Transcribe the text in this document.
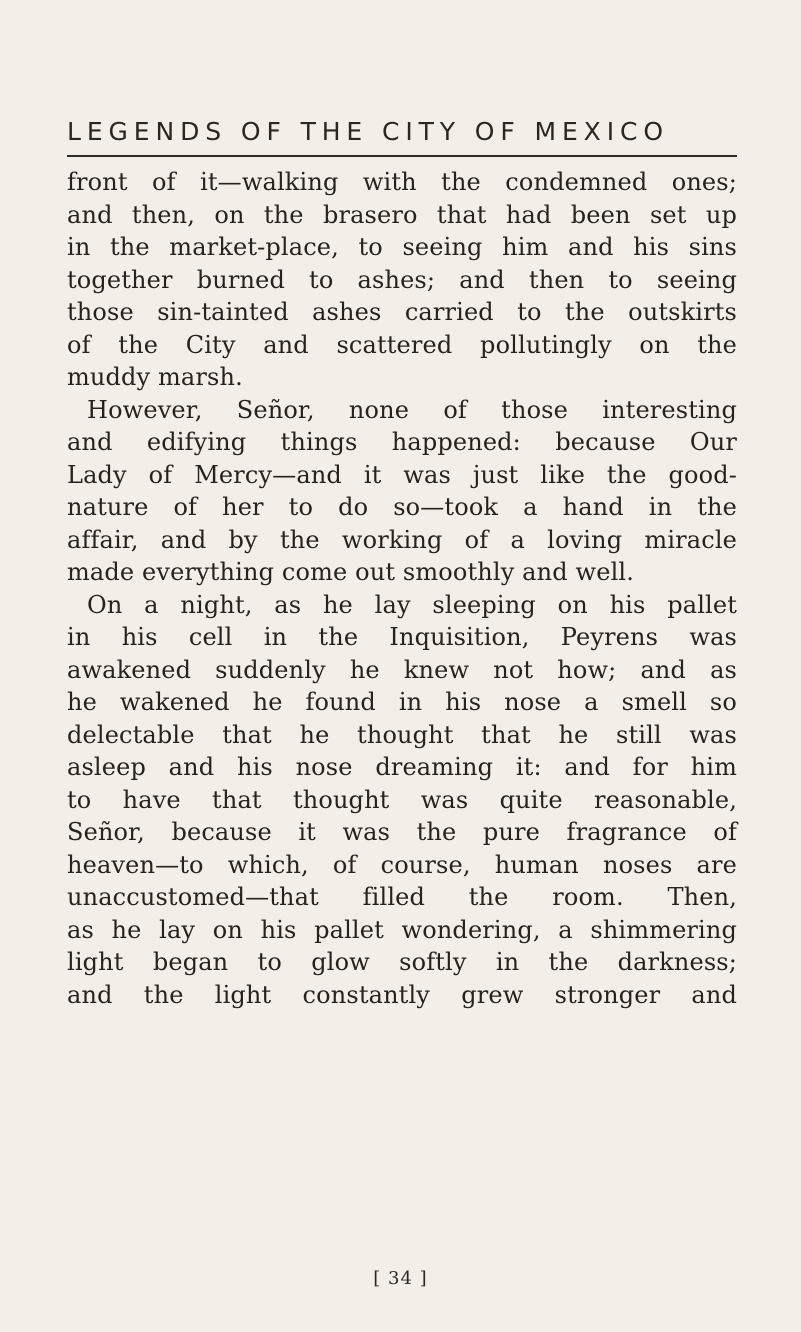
LEGENDS OF THE CITY OF MEXICO
front of it—walking with the condemned ones;
and then, on the brasero that had been set up
in the market-place, to seeing him and his sins
together burned to ashes; and then to seeing
those sin-tainted ashes carried to the outskirts
of the City and scattered pollutingly on the
muddy marsh.
However, Señor, none of those interesting
and edifying things happened: because Our
Lady of Mercy—and it was just like the good-
nature of her to do so—took a hand in the
affair, and by the working of a loving miracle
made everything come out smoothly and well.
On a night, as he lay sleeping on his pallet
in his cell in the Inquisition, Peyrens was
awakened suddenly he knew not how; and as
he wakened he found in his nose a smell so
delectable that he thought that he still was
asleep and his nose dreaming it: and for him
to have that thought was quite reasonable,
Señor, because it was the pure fragrance of
heaven—to which, of course, human noses are
unaccustomed—that filled the room. Then,
as he lay on his pallet wondering, a shimmering
light began to glow softly in the darkness;
and the light constantly grew stronger and
[ 34 ]
